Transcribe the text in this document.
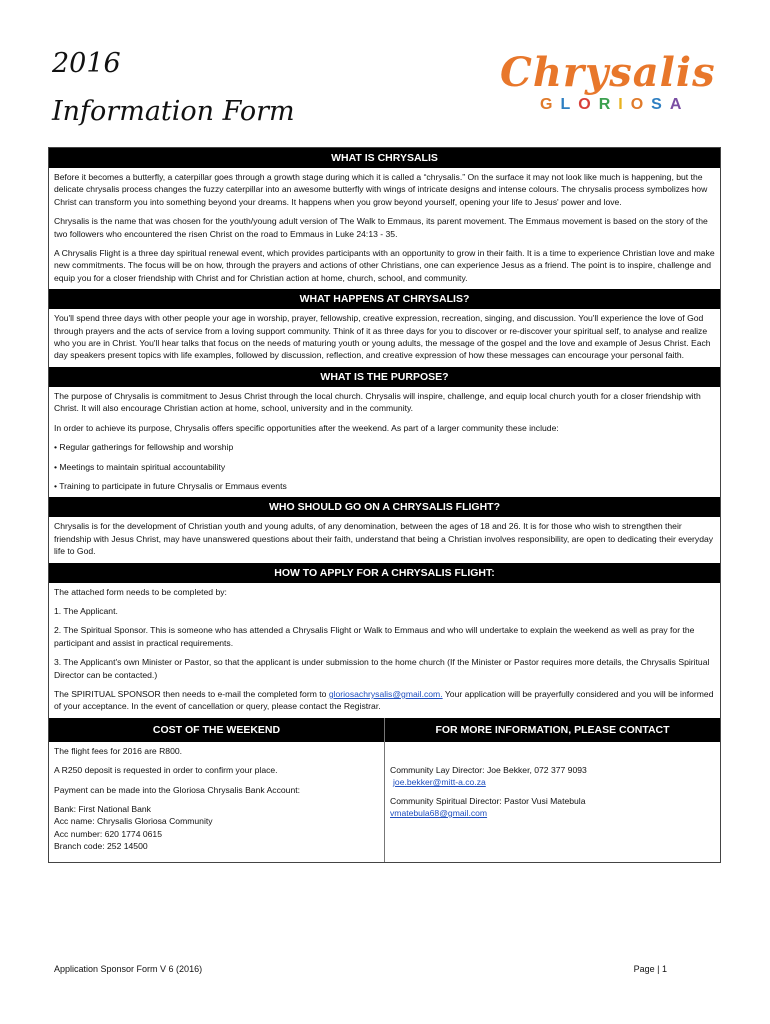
2016
Information Form
Chrysalis
GLORIOSA
WHAT IS CHRYSALIS

Before it becomes a butterfly, a caterpillar goes through a growth stage during which it is called a “chrysalis.” On the surface it may not look like much is happening, but the delicate chrysalis process changes the fuzzy caterpillar into an awesome butterfly with wings of intricate designs and intense colours. The chrysalis process symbolizes how Christ can transform you into something beyond your dreams. It happens when you grow beyond yourself, opening your life to Jesus' power and love.

Chrysalis is the name that was chosen for the youth/young adult version of The Walk to Emmaus, its parent movement. The Emmaus movement is based on the story of the two followers who encountered the risen Christ on the road to Emmaus in Luke 24:13 - 35.

A Chrysalis Flight is a three day spiritual renewal event, which provides participants with an opportunity to grow in their faith. It is a time to experience Christian love and make new commitments. The focus will be on how, through the prayers and actions of other Christians, one can experience Jesus as a friend. The point is to inspire, challenge and equip you for a closer friendship with Christ and for Christian action at home, church, school, and community.

WHAT HAPPENS AT CHRYSALIS?

You'll spend three days with other people your age in worship, prayer, fellowship, creative expression, recreation, singing, and discussion. You'll experience the love of God through prayers and the acts of service from a loving support community. Think of it as three days for you to discover or re-discover your spiritual self, to analyse and realize who you are in Christ. You'll hear talks that focus on the needs of maturing youth or young adults, the message of the gospel and the love and example of Jesus Christ. Each day speakers present topics with life examples, followed by discussion, reflection, and creative expression of how these messages can encourage your personal faith.

WHAT IS THE PURPOSE?

The purpose of Chrysalis is commitment to Jesus Christ through the local church. Chrysalis will inspire, challenge, and equip local church youth for a closer friendship with Christ. It will also encourage Christian action at home, school, university and in the community.

In order to achieve its purpose, Chrysalis offers specific opportunities after the weekend. As part of a larger community these include:

• Regular gatherings for fellowship and worship

• Meetings to maintain spiritual accountability

• Training to participate in future Chrysalis or Emmaus events

WHO SHOULD GO ON A CHRYSALIS FLIGHT?

Chrysalis is for the development of Christian youth and young adults, of any denomination, between the ages of 18 and 26. It is for those who wish to strengthen their friendship with Jesus Christ, may have unanswered questions about their faith, understand that being a Christian involves responsibility, are open to dedicating their everyday life to God.

HOW TO APPLY FOR A CHRYSALIS FLIGHT:

The attached form needs to be completed by:

1. The Applicant.

2. The Spiritual Sponsor. This is someone who has attended a Chrysalis Flight or Walk to Emmaus and who will undertake to explain the weekend as well as pray for the participant and assist in practical requirements.

3. The Applicant's own Minister or Pastor, so that the applicant is under submission to the home church (If the Minister or Pastor requires more details, the Chrysalis Spiritual Director can be contacted.)

The SPIRITUAL SPONSOR then needs to e-mail the completed form to gloriosachrysalis@gmail.com. Your application will be prayerfully considered and you will be informed of your acceptance. In the event of cancellation or query, please contact the Registrar.

COST OF THE WEEKEND	FOR MORE INFORMATION, PLEASE CONTACT

The flight fees for 2016 are R800.

A R250 deposit is requested in order to confirm your place.

Payment can be made into the Gloriosa Chrysalis Bank Account:

Bank: First National Bank

Acc name: Chrysalis Gloriosa Community

Acc number: 620 1774 0615

Branch code: 252 14500

Community Lay Director: Joe Bekker, 072 377 9093

joe.bekker@mitt-a.co.za

Community Spiritual Director: Pastor Vusi Matebula

vmatebula68@gmail.com

Application Sponsor Form V 6 (2016)	Page | 1
